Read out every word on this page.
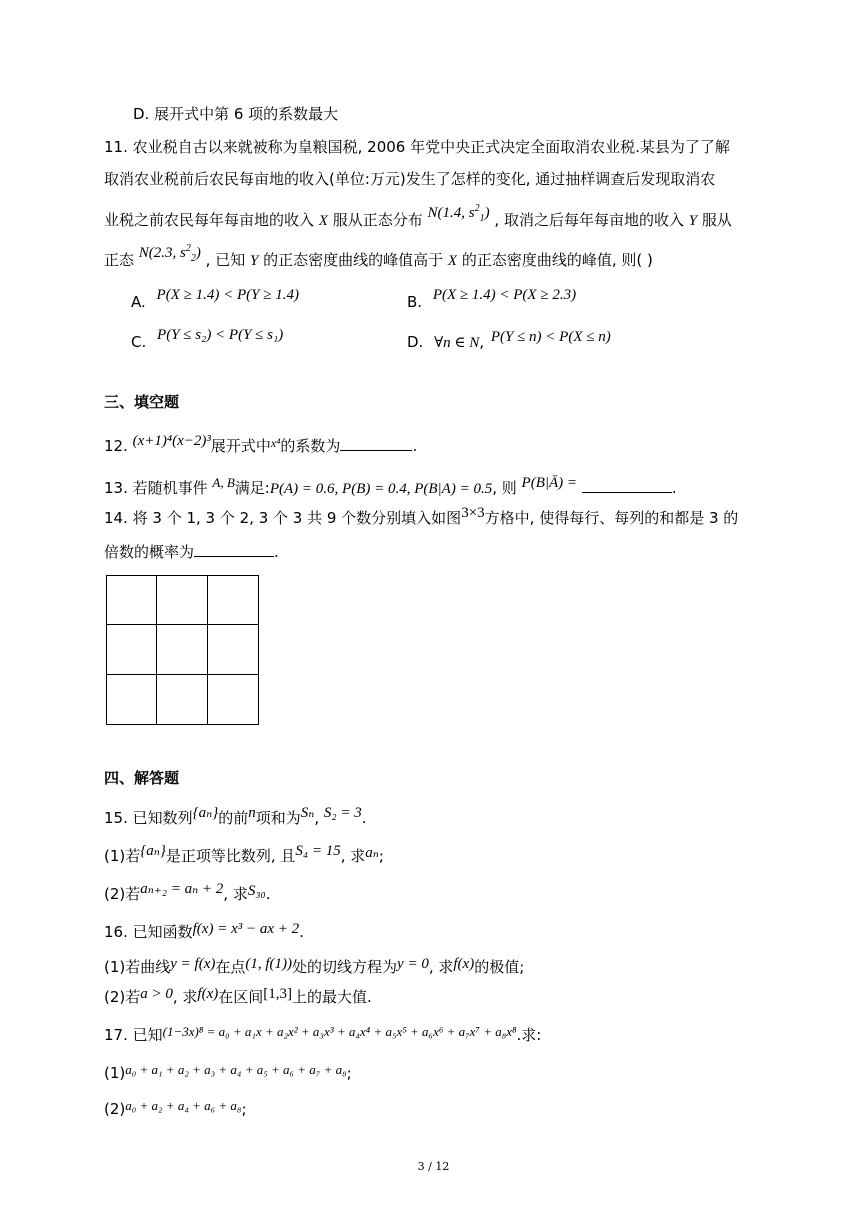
D. 展开式中第 6 项的系数最大
11. 农业税自古以来就被称为皇粮国税, 2006 年党中央正式决定全面取消农业税.某县为了了解
取消农业税前后农民每亩地的收入(单位:万元)发生了怎样的变化, 通过抽样调查后发现取消农
业税之前农民每年每亩地的收入 X 服从正态分布 N(1.4, $s^2_1$) , 取消之后每年每亩地的收入 Y 服从
正态 N(2.3, $s^2_2$) , 已知 Y 的正态密度曲线的峰值高于 X 的正态密度曲线的峰值, 则( )
A. P(X ≥ 1.4) < P(Y ≥ 1.4)	B. P(X ≥ 1.4) < P(X ≥ 2.3)
C. P(Y ≤ s₂) < P(Y ≤ s₁)	D. ∀n ∈ N, P(Y ≤ n) < P(X ≤ n)
三、填空题
12. (x+1)⁴(x−2)³展开式中$^{x^4}$的系数为	.
13. 若随机事件 A, B满足:P(A) = 0.6, P(B) = 0.4, P(B|A) = 0.5, 则 P(B|Ā) =	.
14. 将 3 个 1, 3 个 2, 3 个 3 共 9 个数分别填入如图3×3方格中, 使得每行、每列的和都是 3 的
倍数的概率为	.
四、解答题
15. 已知数列{aₙ}的前n项和为Sₙ, S₂ = 3.
(1)若{aₙ}是正项等比数列, 且S₄ = 15, 求aₙ;
(2)若aₙ₊₂ = aₙ + 2, 求S₃₀.
16. 已知函数f(x) = x³ − ax + 2.
(1)若曲线y = f(x)在点(1, f(1))处的切线方程为y = 0, 求f(x)的极值;
(2)若a > 0, 求f(x)在区间[1,3]上的最大值.
17. 已知(1−3x)⁸ = a₀ + a₁x + a₂x² + a₃x³ + a₄x⁴ + a₅x⁵ + a₆x⁶ + a₇x⁷ + a₈x⁸.求:
(1)a₀ + a₁ + a₂ + a₃ + a₄ + a₅ + a₆ + a₇ + a₈;
(2)a₀ + a₂ + a₄ + a₆ + a₈;
3 / 12
